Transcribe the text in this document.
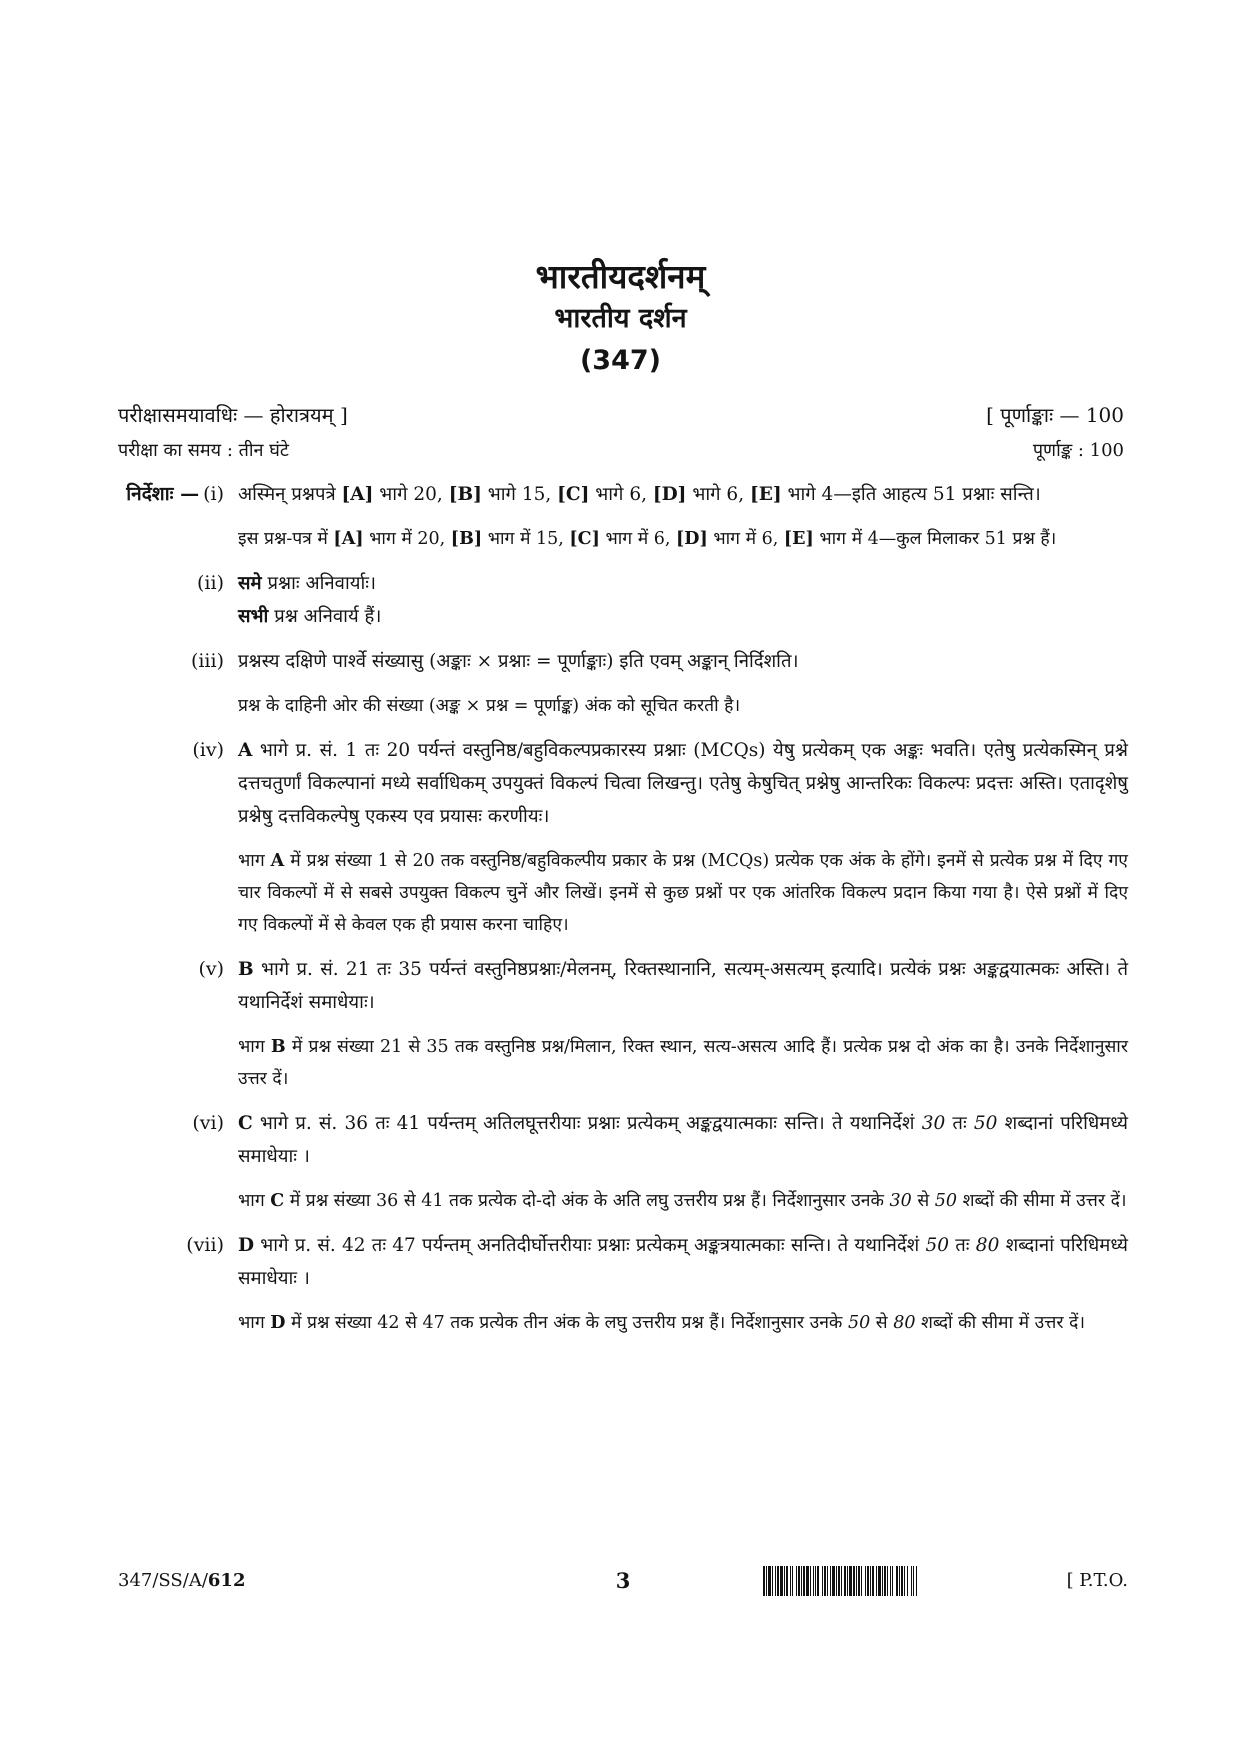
भारतीयदर्शनम्
भारतीय दर्शन
(347)
परीक्षासमयावधिः — होरात्रयम् ]	[ पूर्णाङ्काः — 100
परीक्षा का समय : तीन घंटे	पूर्णाङ्क : 100
निर्देशाः — (i) अस्मिन् प्रश्नपत्रे [A] भागे 20, [B] भागे 15, [C] भागे 6, [D] भागे 6, [E] भागे 4—इति आहत्य 51 प्रश्नाः सन्ति।

इस प्रश्न-पत्र में [A] भाग में 20, [B] भाग में 15, [C] भाग में 6, [D] भाग में 6, [E] भाग में 4—कुल मिलाकर 51 प्रश्न हैं।

(ii) समे प्रश्नाः अनिवार्याः।
सभी प्रश्न अनिवार्य हैं।

(iii) प्रश्नस्य दक्षिणे पार्श्वे संख्यासु (अङ्काः × प्रश्नाः = पूर्णाङ्काः) इति एवम् अङ्कान् निर्दिशति।

प्रश्न के दाहिनी ओर की संख्या (अङ्क × प्रश्न = पूर्णाङ्क) अंक को सूचित करती है।

(iv) A भागे प्र. सं. 1 तः 20 पर्यन्तं वस्तुनिष्ठ/बहुविकल्पप्रकारस्य प्रश्नाः (MCQs) येषु प्रत्येकम् एक अङ्कः भवति। एतेषु प्रत्येकस्मिन् प्रश्ने दत्तचतुर्णां विकल्पानां मध्ये सर्वाधिकम् उपयुक्तं विकल्पं चित्वा लिखन्तु। एतेषु केषुचित् प्रश्नेषु आन्तरिकः विकल्पः प्रदत्तः अस्ति। एतादृशेषु प्रश्नेषु दत्तविकल्पेषु एकस्य एव प्रयासः करणीयः।

भाग A में प्रश्न संख्या 1 से 20 तक वस्तुनिष्ठ/बहुविकल्पीय प्रकार के प्रश्न (MCQs) प्रत्येक एक अंक के होंगे। इनमें से प्रत्येक प्रश्न में दिए गए चार विकल्पों में से सबसे उपयुक्त विकल्प चुनें और लिखें। इनमें से कुछ प्रश्नों पर एक आंतरिक विकल्प प्रदान किया गया है। ऐसे प्रश्नों में दिए गए विकल्पों में से केवल एक ही प्रयास करना चाहिए।

(v) B भागे प्र. सं. 21 तः 35 पर्यन्तं वस्तुनिष्ठप्रश्नाः/मेलनम्, रिक्तस्थानानि, सत्यम्-असत्यम् इत्यादि। प्रत्येकं प्रश्नः अङ्कद्वयात्मकः अस्ति। ते यथानिर्देशं समाधेयाः।

भाग B में प्रश्न संख्या 21 से 35 तक वस्तुनिष्ठ प्रश्न/मिलान, रिक्त स्थान, सत्य-असत्य आदि हैं। प्रत्येक प्रश्न दो अंक का है। उनके निर्देशानुसार उत्तर दें।

(vi) C भागे प्र. सं. 36 तः 41 पर्यन्तम् अतिलघूत्तरीयाः प्रश्नाः प्रत्येकम् अङ्कद्वयात्मकाः सन्ति। ते यथानिर्देशं 30 तः 50 शब्दानां परिधिमध्ये समाधेयाः ।

भाग C में प्रश्न संख्या 36 से 41 तक प्रत्येक दो-दो अंक के अति लघु उत्तरीय प्रश्न हैं। निर्देशानुसार उनके 30 से 50 शब्दों की सीमा में उत्तर दें।

(vii) D भागे प्र. सं. 42 तः 47 पर्यन्तम् अनतिदीर्घोत्तरीयाः प्रश्नाः प्रत्येकम् अङ्कत्रयात्मकाः सन्ति। ते यथानिर्देशं 50 तः 80 शब्दानां परिधिमध्ये समाधेयाः ।

भाग D में प्रश्न संख्या 42 से 47 तक प्रत्येक तीन अंक के लघु उत्तरीय प्रश्न हैं। निर्देशानुसार उनके 50 से 80 शब्दों की सीमा में उत्तर दें।

347/SS/A/612	3	[ P.T.O.
